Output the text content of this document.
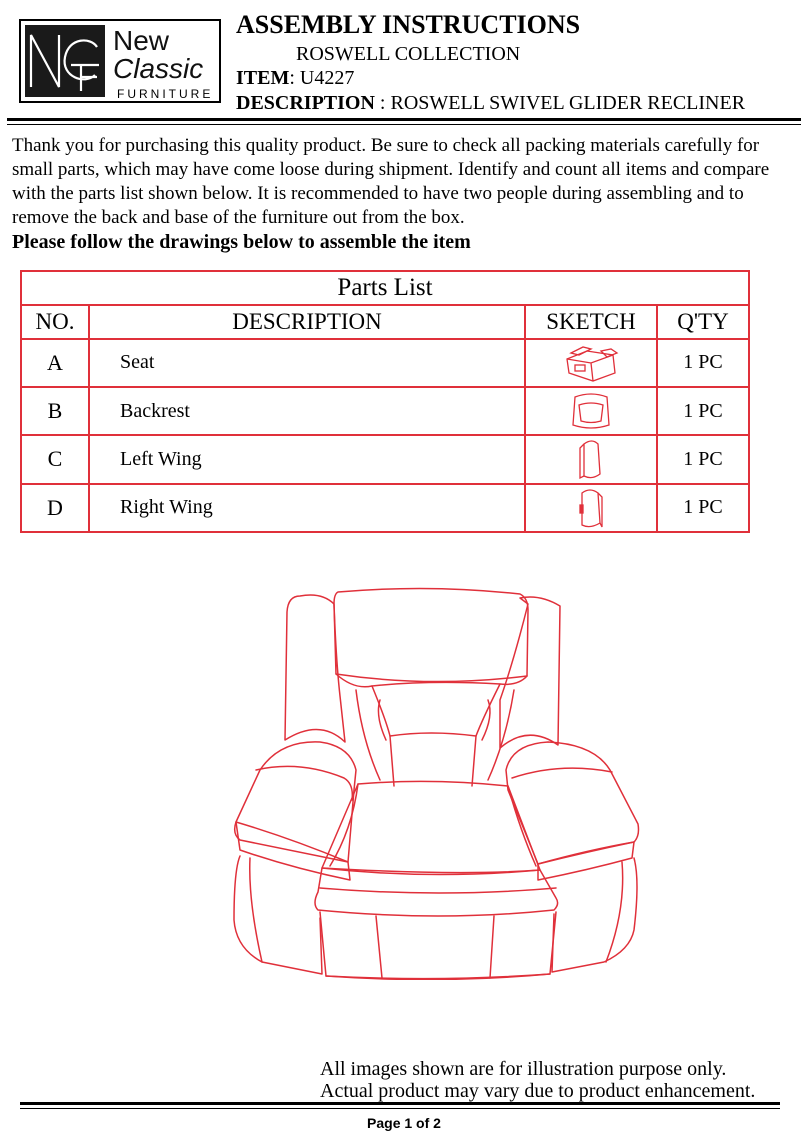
New
Classic
FURNITURE
ASSEMBLY INSTRUCTIONS
ROSWELL COLLECTION
ITEM: U4227
DESCRIPTION : ROSWELL SWIVEL GLIDER RECLINER

Thank you for purchasing this quality product. Be sure to check all packing materials carefully for small parts, which may have come loose during shipment. Identify and count all items and compare with the parts list shown below. It is recommended to have two people during assembling and to remove the back and base of the furniture out from the box.

Please follow the drawings below to assemble the item

Parts List			
NO.	DESCRIPTION	SKETCH	Q'TY
A	Seat		1 PC
B	Backrest		1 PC
C	Left Wing		1 PC
D	Right Wing		1 PC
All images shown are for illustration purpose only.
Actual product may vary due to product enhancement.
Page 1 of 2
